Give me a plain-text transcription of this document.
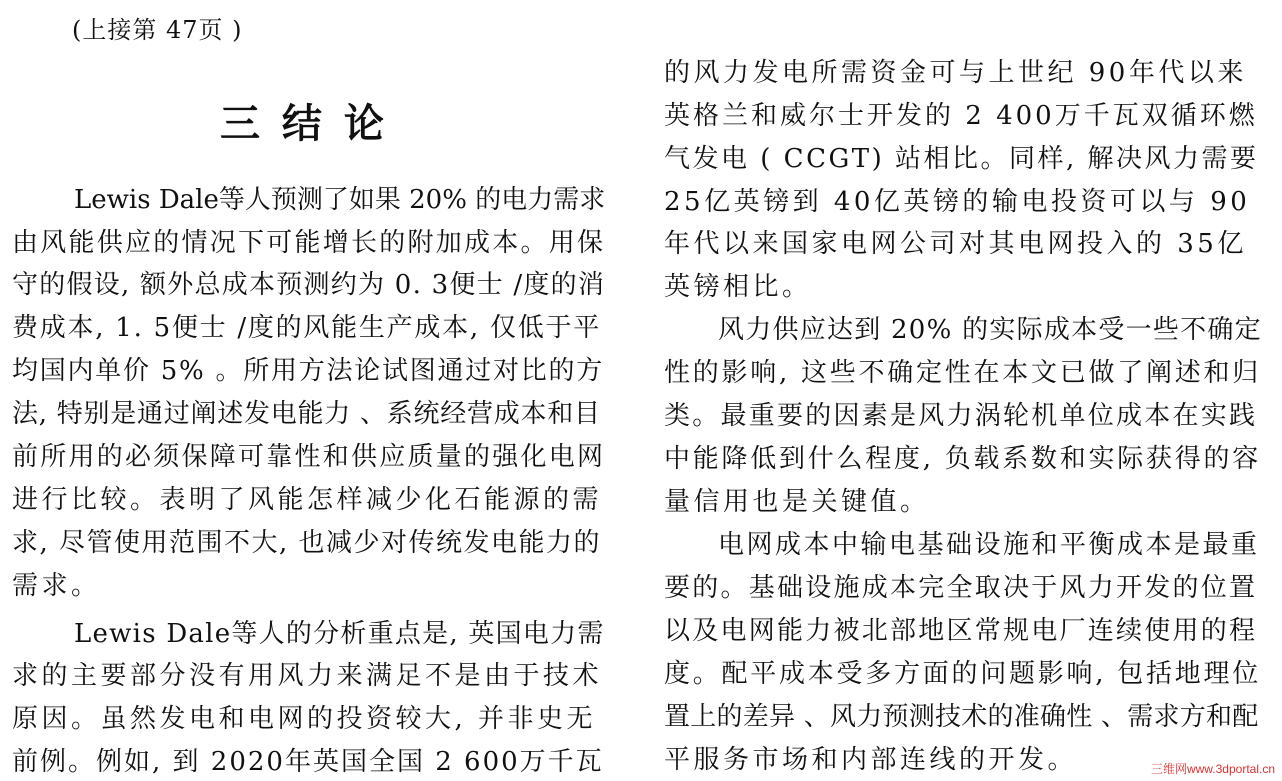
(上接第 47页 )
三 结 论
Lewis Dale等人预测了如果 20% 的电力需求
由风能供应的情况下可能增长的附加成本。用保
守的假设, 额外总成本预测约为 0. 3便士 /度的消
费成本, 1. 5便士 /度的风能生产成本, 仅低于平
均国内单价 5% 。所用方法论试图通过对比的方
法, 特别是通过阐述发电能力 、系统经营成本和目
前所用的必须保障可靠性和供应质量的强化电网
进行比较。表明了风能怎样减少化石能源的需
求, 尽管使用范围不大, 也减少对传统发电能力的
需求。
Lewis Dale等人的分析重点是, 英国电力需
求的主要部分没有用风力来满足不是由于技术
原因。虽然发电和电网的投资较大, 并非史无
前例。例如, 到 2020年英国全国 2 600万千瓦
的风力发电所需资金可与上世纪 90年代以来
英格兰和威尔士开发的 2 400万千瓦双循环燃
气发电 ( CCGT) 站相比。同样, 解决风力需要
25亿英镑到 40亿英镑的输电投资可以与 90
年代以来国家电网公司对其电网投入的 35亿
英镑相比。
风力供应达到 20% 的实际成本受一些不确定
性的影响, 这些不确定性在本文已做了阐述和归
类。最重要的因素是风力涡轮机单位成本在实践
中能降低到什么程度, 负载系数和实际获得的容
量信用也是关键值。
电网成本中输电基础设施和平衡成本是最重
要的。基础设施成本完全取决于风力开发的位置
以及电网能力被北部地区常规电厂连续使用的程
度。配平成本受多方面的问题影响, 包括地理位
置上的差异 、风力预测技术的准确性 、需求方和配
平服务市场和内部连线的开发。	三维网www.3dportal.cn
